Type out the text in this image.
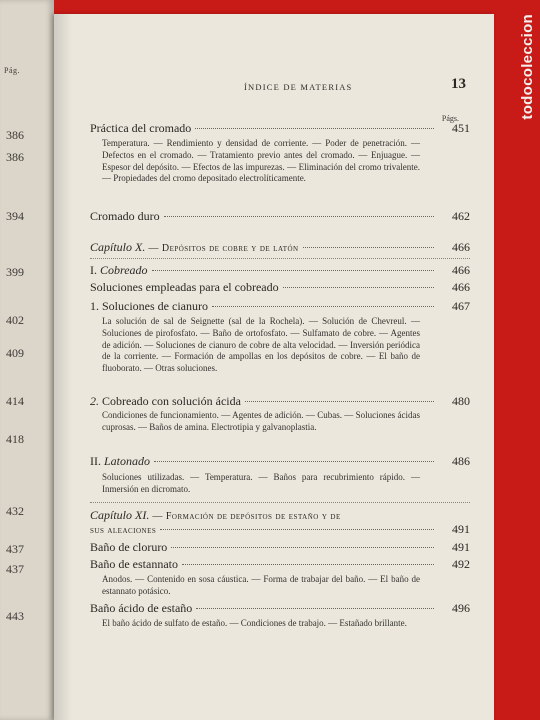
Pág.
386
386
394
399
402
409
414
418
432
437
437
443
ÍNDICE DE MATERIAS	13
Págs.
Práctica del cromado	451
Temperatura. — Rendimiento y densidad de corriente. — Poder de penetración. — Defectos en el cromado. — Tratamiento previo antes del cromado. — Enjuague. — Espesor del depósito. — Efectos de las impurezas. — Eliminación del cromo trivalente. — Propiedades del cromo depositado electrolíticamente.
Cromado duro	462
Capítulo X. — Depósitos de cobre y de latón	466
I. Cobreado	466
Soluciones empleadas para el cobreado	466
1. Soluciones de cianuro	467
La solución de sal de Seignette (sal de la Rochela). — Solución de Chevreul. — Soluciones de pirofosfato. — Baño de ortofosfato. — Sulfamato de cobre. — Agentes de adición. — Soluciones de cianuro de cobre de alta velocidad. — Inversión periódica de la corriente. — Formación de ampollas en los depósitos de cobre. — El baño de fluoborato. — Otras soluciones.
2. Cobreado con solución ácida	480
Condiciones de funcionamiento. — Agentes de adición. — Cubas. — Soluciones ácidas cuprosas. — Baños de amina. Electrotipia y galvanoplastia.
II. Latonado	486
Soluciones utilizadas. — Temperatura. — Baños para recubrimiento rápido. — Inmersión en dicromato.
Capítulo XI. — Formación de depósitos de estaño y de
sus aleaciones	491
Baño de cloruro	491
Baño de estannato	492
Anodos. — Contenido en sosa cáustica. — Forma de trabajar del baño. — El baño de estannato potásico.
Baño ácido de estaño	496
El baño ácido de sulfato de estaño. — Condiciones de trabajo. — Estañado brillante.
todocoleccion
